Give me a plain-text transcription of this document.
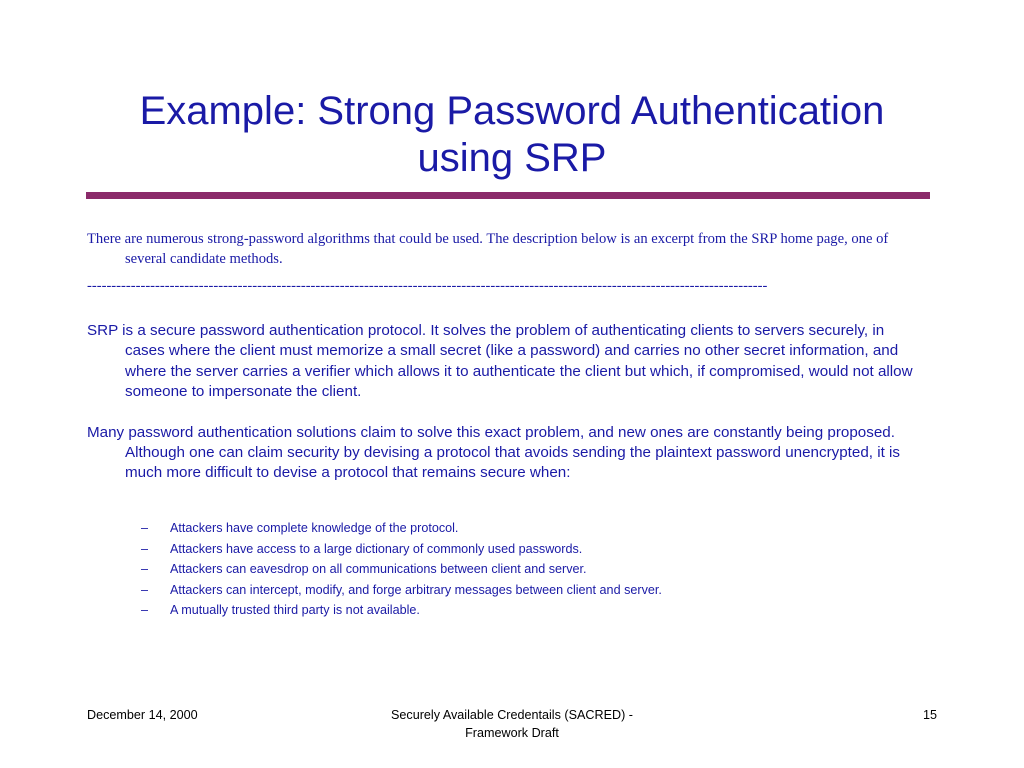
Example: Strong Password Authentication
using SRP

There are numerous strong-password algorithms that could be used. The description below is an excerpt from the SRP home page, one of several candidate methods.

--------------------------------------------------------------------------------------------------------------------------------------------

SRP is a secure password authentication protocol. It solves the problem of authenticating clients to servers securely, in cases where the client must memorize a small secret (like a password) and carries no other secret information, and where the server carries a verifier which allows it to authenticate the client but which, if compromised, would not allow someone to impersonate the client.

Many password authentication solutions claim to solve this exact problem, and new ones are constantly being proposed. Although one can claim security by devising a protocol that avoids sending the plaintext password unencrypted, it is much more difficult to devise a protocol that remains secure when:

– Attackers have complete knowledge of the protocol.
– Attackers have access to a large dictionary of commonly used passwords.
– Attackers can eavesdrop on all communications between client and server.
– Attackers can intercept, modify, and forge arbitrary messages between client and server.
– A mutually trusted third party is not available.
December 14, 2000	Securely Available Credentails (SACRED) -
Framework Draft
15
